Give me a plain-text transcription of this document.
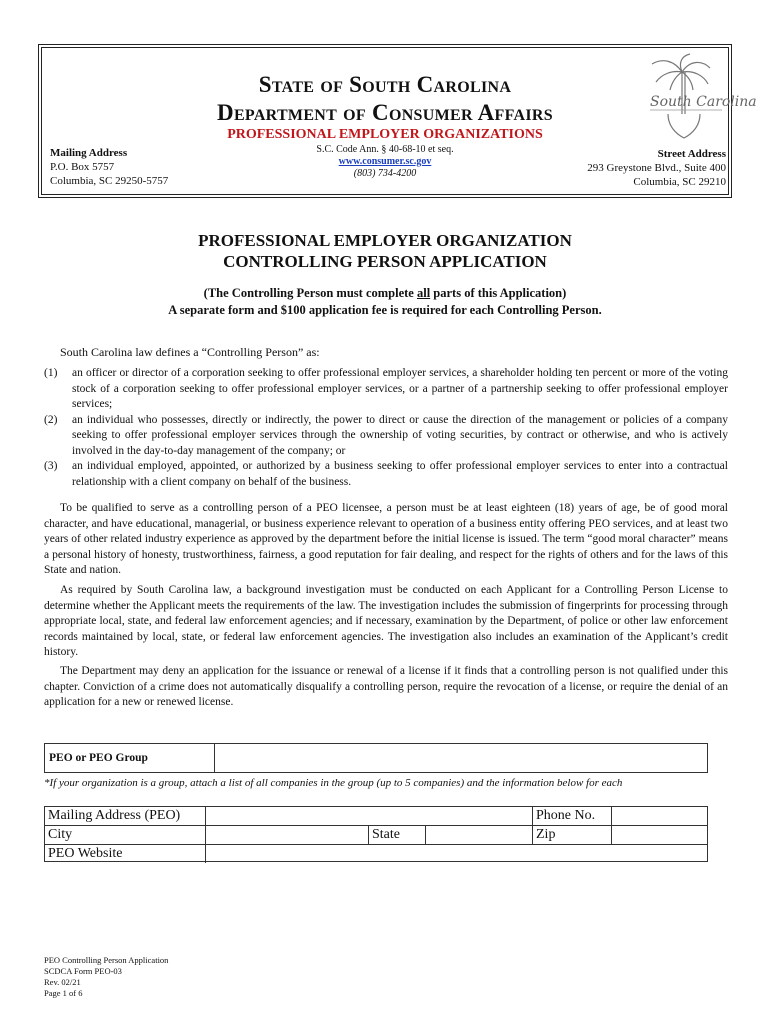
State of South Carolina
Department of Consumer Affairs
PROFESSIONAL EMPLOYER ORGANIZATIONS
S.C. Code Ann. § 40-68-10 et seq.
www.consumer.sc.gov
(803) 734-4200
Mailing Address
P.O. Box 5757
Columbia, SC 29250-5757
Street Address
293 Greystone Blvd., Suite 400
Columbia, SC 29210
South Carolina
PROFESSIONAL EMPLOYER ORGANIZATION
CONTROLLING PERSON APPLICATION
(The Controlling Person must complete all parts of this Application)
A separate form and $100 application fee is required for each Controlling Person.
South Carolina law defines a “Controlling Person” as:
(1)	an officer or director of a corporation seeking to offer professional employer services, a shareholder holding ten percent or more of the voting stock of a corporation seeking to offer professional employer services, or a partner of a partnership seeking to offer professional employer services;
(2)	an individual who possesses, directly or indirectly, the power to direct or cause the direction of the management or policies of a company seeking to offer professional employer services through the ownership of voting securities, by contract or otherwise, and who is actively involved in the day-to-day management of the company; or
(3)	an individual employed, appointed, or authorized by a business seeking to offer professional employer services to enter into a contractual relationship with a client company on behalf of the business.
To be qualified to serve as a controlling person of a PEO licensee, a person must be at least eighteen (18) years of age, be of good moral character, and have educational, managerial, or business experience relevant to operation of a business entity offering PEO services, and at least two years of other related industry experience as approved by the department before the initial license is issued. The term “good moral character” means a personal history of honesty, trustworthiness, fairness, a good reputation for fair dealing, and respect for the rights of others and for the laws of this State and nation.
As required by South Carolina law, a background investigation must be conducted on each Applicant for a Controlling Person License to determine whether the Applicant meets the requirements of the law. The investigation includes the submission of fingerprints for processing through appropriate local, state, and federal law enforcement agencies; and if necessary, examination by the Department, of police or other law enforcement records maintained by local, state, or federal law enforcement agencies. The investigation also includes an examination of the Applicant’s credit history.
The Department may deny an application for the issuance or renewal of a license if it finds that a controlling person is not qualified under this chapter. Conviction of a crime does not automatically disqualify a controlling person, require the revocation of a license, or require the denial of an application for a new or renewed license.
PEO or PEO Group
*If your organization is a group, attach a list of all companies in the group (up to 5 companies) and the information below for each
Mailing Address (PEO)	Phone No.
City	State	Zip
PEO Website
PEO Controlling Person Application
SCDCA Form PEO-03
Rev. 02/21
Page 1 of 6
